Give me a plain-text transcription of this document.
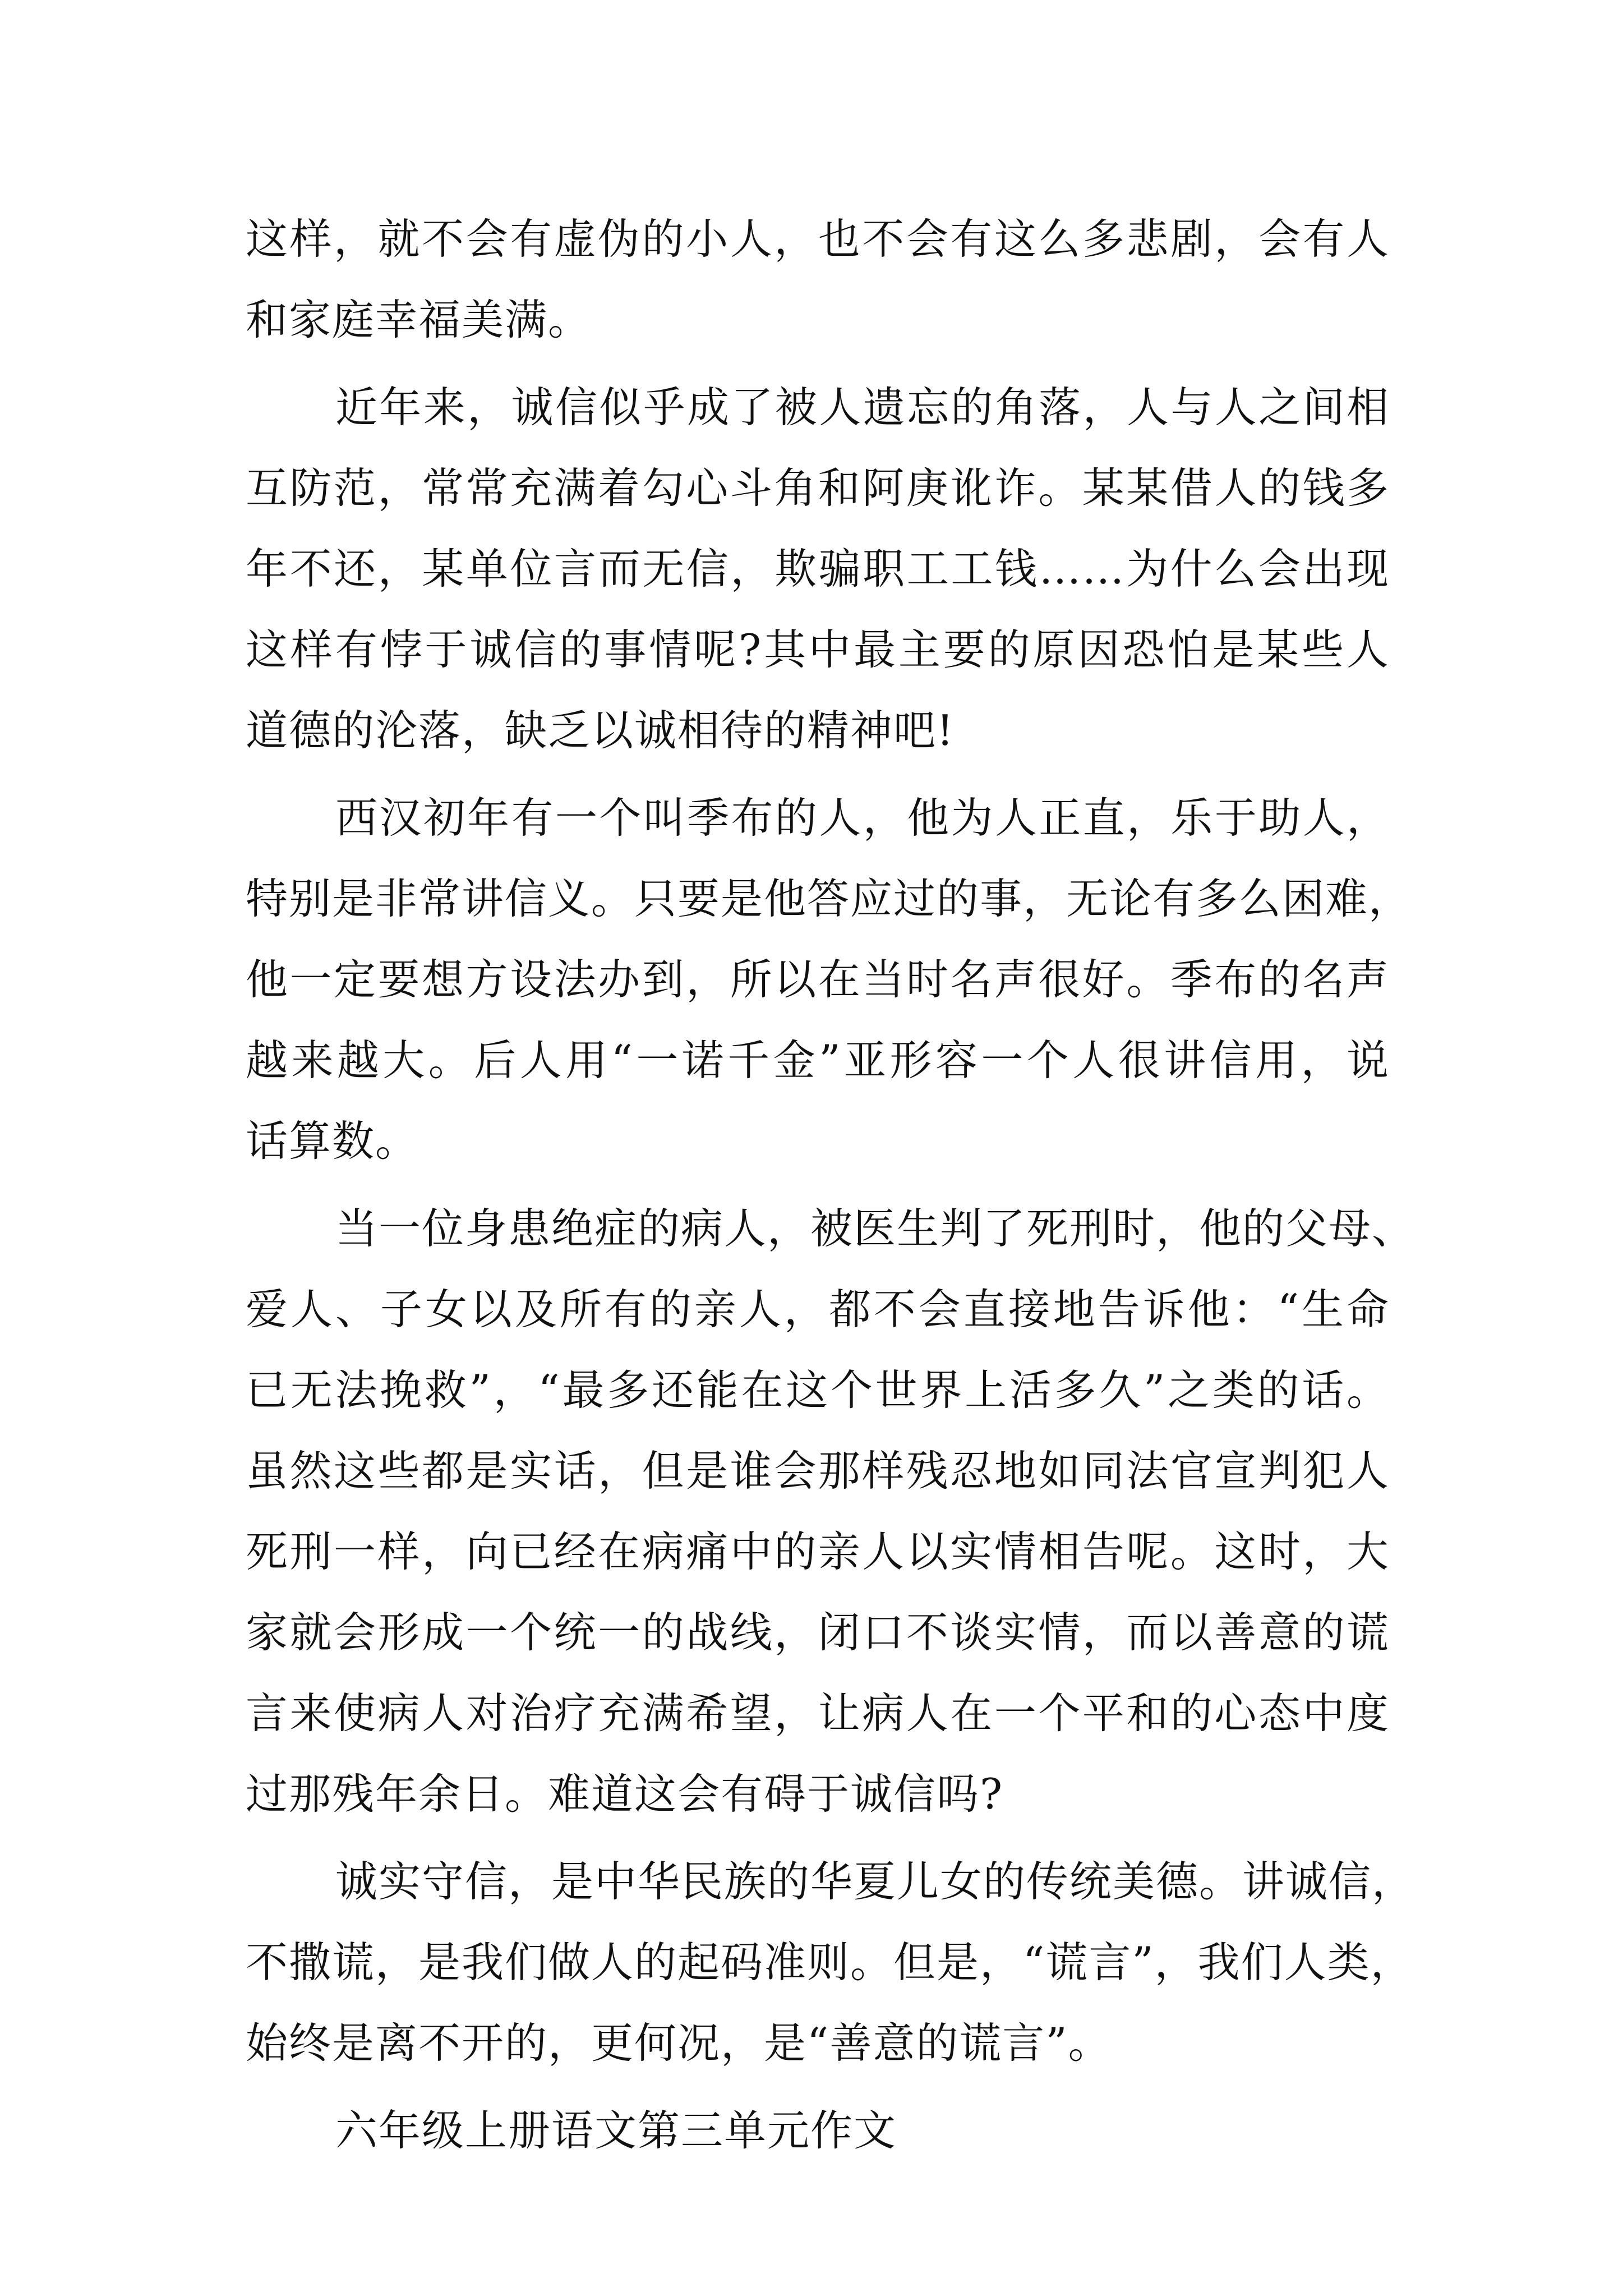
这样，就不会有虚伪的小人，也不会有这么多悲剧，会有人
和家庭幸福美满。
近年来，诚信似乎成了被人遗忘的角落，人与人之间相
互防范，常常充满着勾心斗角和阿庚讹诈。某某借人的钱多
年不还，某单位言而无信，欺骗职工工钱……为什么会出现
这样有悖于诚信的事情呢?其中最主要的原因恐怕是某些人
道德的沦落，缺乏以诚相待的精神吧!
西汉初年有一个叫季布的人，他为人正直，乐于助人，
特别是非常讲信义。只要是他答应过的事，无论有多么困难，
他一定要想方设法办到，所以在当时名声很好。季布的名声
越来越大。后人用“一诺千金”亚形容一个人很讲信用，说
话算数。
当一位身患绝症的病人，被医生判了死刑时，他的父母、
爱人、子女以及所有的亲人，都不会直接地告诉他：“生命
已无法挽救”，“最多还能在这个世界上活多久”之类的话。
虽然这些都是实话，但是谁会那样残忍地如同法官宣判犯人
死刑一样，向已经在病痛中的亲人以实情相告呢。这时，大
家就会形成一个统一的战线，闭口不谈实情，而以善意的谎
言来使病人对治疗充满希望，让病人在一个平和的心态中度
过那残年余日。难道这会有碍于诚信吗?
诚实守信，是中华民族的华夏儿女的传统美德。讲诚信，
不撒谎，是我们做人的起码准则。但是，“谎言”，我们人类，
始终是离不开的，更何况，是“善意的谎言”。
六年级上册语文第三单元作文
